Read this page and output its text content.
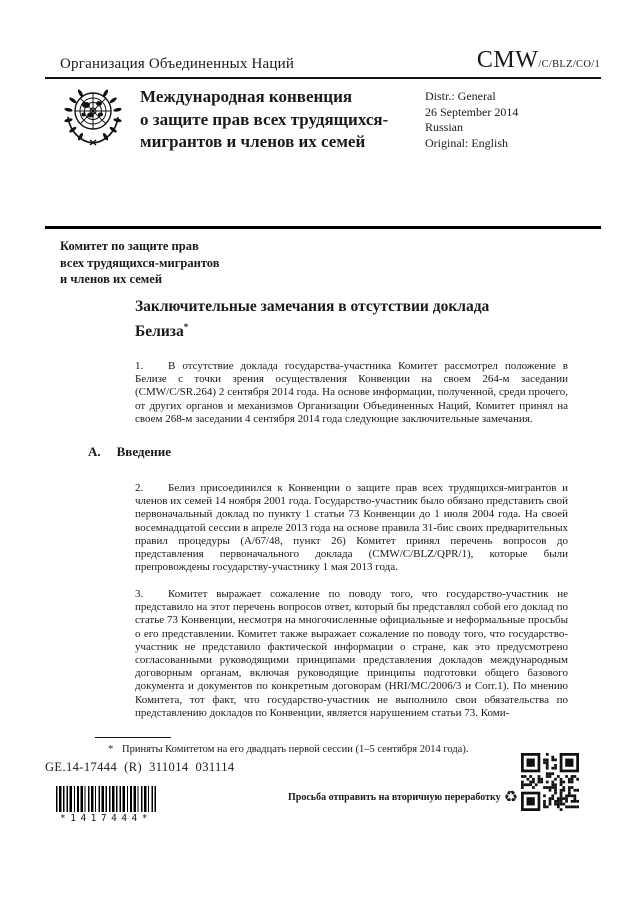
Организация Объединенных Наций	CMW/C/BLZ/CO/1
Международная конвенция
о защите прав всех трудящихся-
мигрантов и членов их семей
Distr.: General
26 September 2014
Russian
Original: English
Комитет по защите прав
всех трудящихся-мигрантов
и членов их семей
Заключительные замечания в отсутствии доклада Белиза*

1. В отсутствие доклада государства-участника Комитет рассмотрел положение в Белизе с точки зрения осуществления Конвенции на своем 264-м заседании (CMW/C/SR.264) 2 сентября 2014 года. На основе информации, полученной, среди прочего, от других органов и механизмов Организации Объединенных Наций, Комитет принял на своем 268-м заседании 4 сентября 2014 года следующие заключительные замечания.

A. Введение

2. Белиз присоединился к Конвенции о защите прав всех трудящихся-мигрантов и членов их семей 14 ноября 2001 года. Государство-участник было обязано представить свой первоначальный доклад по пункту 1 статьи 73 Конвенции до 1 июля 2004 года. На своей восемнадцатой сессии в апреле 2013 года на основе правила 31-бис своих предварительных правил процедуры (A/67/48, пункт 26) Комитет принял перечень вопросов до представления первоначального доклада (CMW/C/BLZ/QPR/1), которые были препровождены государству-участнику 1 мая 2013 года.

3. Комитет выражает сожаление по поводу того, что государство-участник не представило на этот перечень вопросов ответ, который бы представлял собой его доклад по статье 73 Конвенции, несмотря на многочисленные официальные и неформальные просьбы о его представлении. Комитет также выражает сожаление по поводу того, что государство-участник не представило фактической информации о стране, как это предусмотрено согласованными руководящими принципами представления докладов международным договорным органам, включая руководящие принципы подготовки общего базового документа и документов по конкретным договорам (HRI/MC/2006/3 и Corr.1). По мнению Комитета, тот факт, что государство-участник не выполнило свои обязательства по представлению докладов по Конвенции, является нарушением статьи 73. Коми-

* Приняты Комитетом на его двадцать первой сессии (1–5 сентября 2014 года).
GE.14-17444  (R)  311014  031114
*1417444*
Просьба отправить на вторичную переработку ♻
